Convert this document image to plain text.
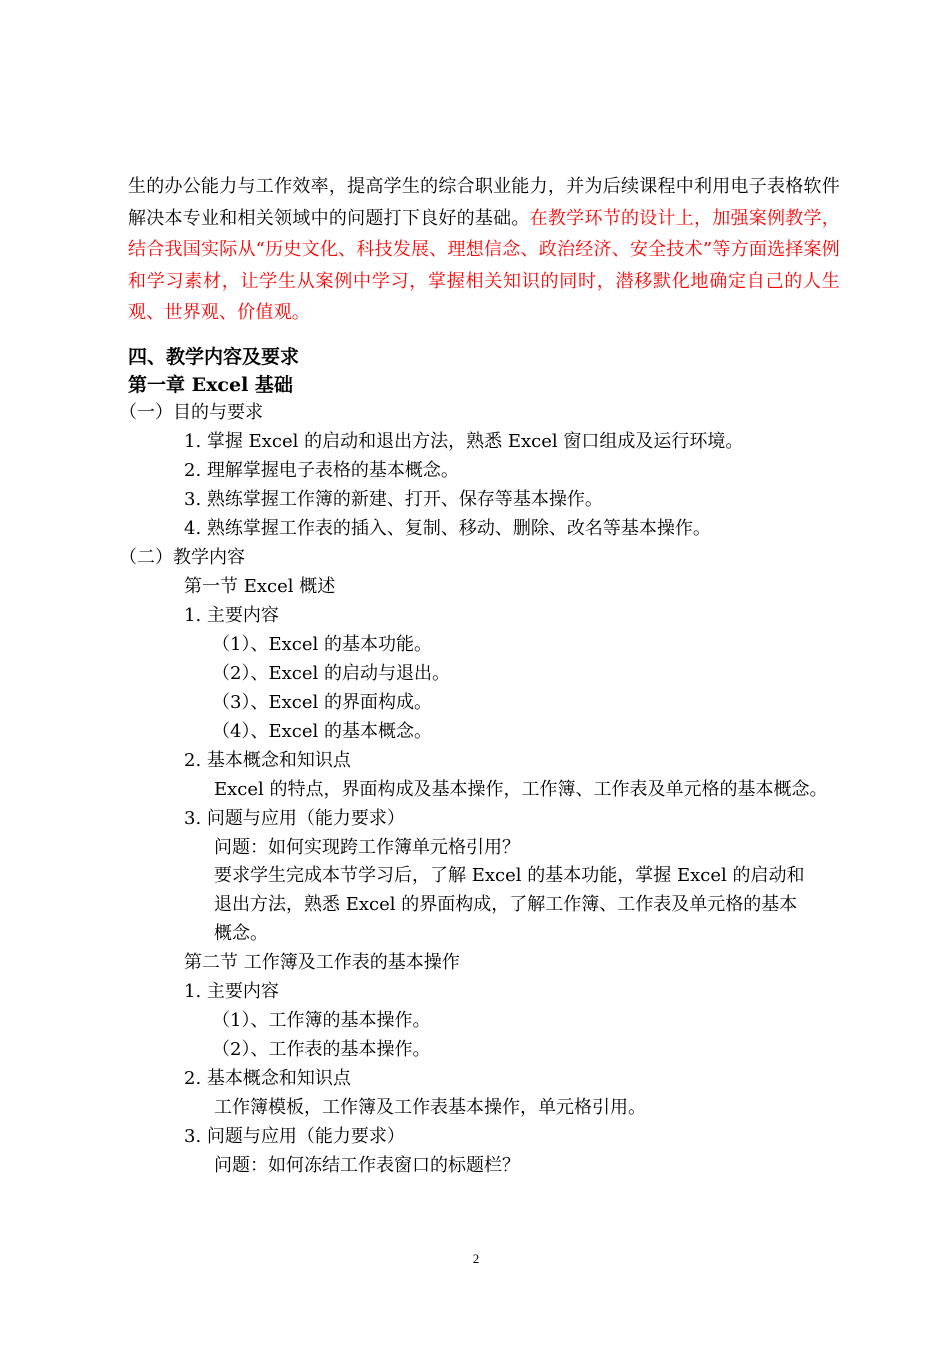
生的办公能力与工作效率，提高学生的综合职业能力，并为后续课程中利用电子表格软件解决本专业和相关领域中的问题打下良好的基础。在教学环节的设计上，加强案例教学，结合我国实际从“历史文化、科技发展、理想信念、政治经济、安全技术”等方面选择案例和学习素材，让学生从案例中学习，掌握相关知识的同时，潜移默化地确定自己的人生观、世界观、价值观。
四、教学内容及要求
第一章 Excel 基础
（一）目的与要求
1. 掌握 Excel 的启动和退出方法，熟悉 Excel 窗口组成及运行环境。
2. 理解掌握电子表格的基本概念。
3. 熟练掌握工作簿的新建、打开、保存等基本操作。
4. 熟练掌握工作表的插入、复制、移动、删除、改名等基本操作。
（二）教学内容
第一节 Excel 概述
1. 主要内容
（1）、Excel 的基本功能。
（2）、Excel 的启动与退出。
（3）、Excel 的界面构成。
（4）、Excel 的基本概念。
2. 基本概念和知识点
Excel 的特点，界面构成及基本操作，工作簿、工作表及单元格的基本概念。
3. 问题与应用（能力要求）
问题：如何实现跨工作簿单元格引用？
要求学生完成本节学习后，了解 Excel 的基本功能，掌握 Excel 的启动和
退出方法，熟悉 Excel 的界面构成，了解工作簿、工作表及单元格的基本
概念。
第二节 工作簿及工作表的基本操作
1. 主要内容
（1）、工作簿的基本操作。
（2）、工作表的基本操作。
2. 基本概念和知识点
工作簿模板，工作簿及工作表基本操作，单元格引用。
3. 问题与应用（能力要求）
问题：如何冻结工作表窗口的标题栏？
2
